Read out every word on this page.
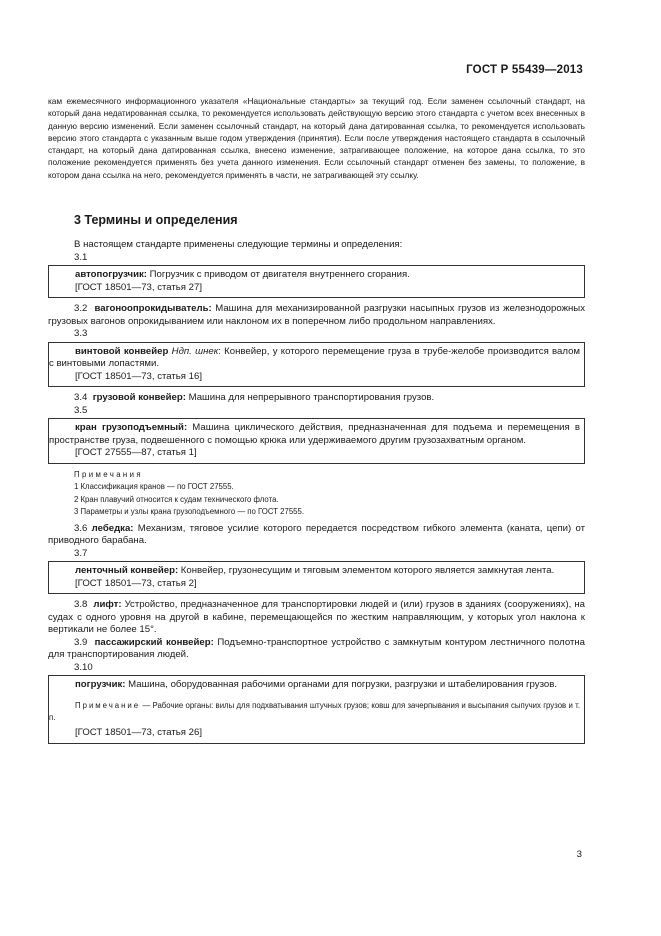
ГОСТ Р 55439—2013

кам ежемесячного информационного указателя «Национальные стандарты» за текущий год. Если заменен ссылочный стандарт, на который дана недатированная ссылка, то рекомендуется использовать действующую версию этого стандарта с учетом всех внесенных в данную версию изменений. Если заменен ссылочный стандарт, на который дана датированная ссылка, то рекомендуется использовать версию этого стандарта с указанным выше годом утверждения (принятия). Если после утверждения настоящего стандарта в ссылочный стандарт, на который дана датированная ссылка, внесено изменение, затрагивающее положение, на которое дана ссылка, то это положение рекомендуется применять без учета данного изменения. Если ссылочный стандарт отменен без замены, то положение, в котором дана ссылка на него, рекомендуется применять в части, не затрагивающей эту ссылку.

3 Термины и определения

В настоящем стандарте применены следующие термины и определения:

3.1

автопогрузчик: Погрузчик с приводом от двигателя внутреннего сгорания.

[ГОСТ 18501—73, статья 27]

3.2 вагоноопрокидыватель: Машина для механизированной разгрузки насыпных грузов из железнодорожных грузовых вагонов опрокидыванием или наклоном их в поперечном либо продольном направлениях.

3.3

винтовой конвейер Ндп. шнек: Конвейер, у которого перемещение груза в трубе-желобе производится валом с винтовыми лопастями.

[ГОСТ 18501—73, статья 16]

3.4 грузовой конвейер: Машина для непрерывного транспортирования грузов.

3.5

кран грузоподъемный: Машина циклического действия, предназначенная для подъема и перемещения в пространстве груза, подвешенного с помощью крюка или удерживаемого другим грузозахватным органом.

[ГОСТ 27555—87, статья 1]
Примечания
1 Классификация кранов — по ГОСТ 27555.
2 Кран плавучий относится к судам технического флота.
3 Параметры и узлы крана грузоподъемного — по ГОСТ 27555.

3.6 лебедка: Механизм, тяговое усилие которого передается посредством гибкого элемента (каната, цепи) от приводного барабана.

3.7

ленточный конвейер: Конвейер, грузонесущим и тяговым элементом которого является замкнутая лента.

[ГОСТ 18501—73, статья 2]

3.8 лифт: Устройство, предназначенное для транспортировки людей и (или) грузов в зданиях (сооружениях), на судах с одного уровня на другой в кабине, перемещающейся по жестким направляющим, у которых угол наклона к вертикали не более 15°.

3.9 пассажирский конвейер: Подъемно-транспортное устройство с замкнутым контуром лестничного полотна для транспортирования людей.

3.10

погрузчик: Машина, оборудованная рабочими органами для погрузки, разгрузки и штабелирования грузов.

Примечание — Рабочие органы: вилы для подхватывания штучных грузов; ковш для зачерпывания и высыпания сыпучих грузов и т. п.

[ГОСТ 18501—73, статья 26]
3
